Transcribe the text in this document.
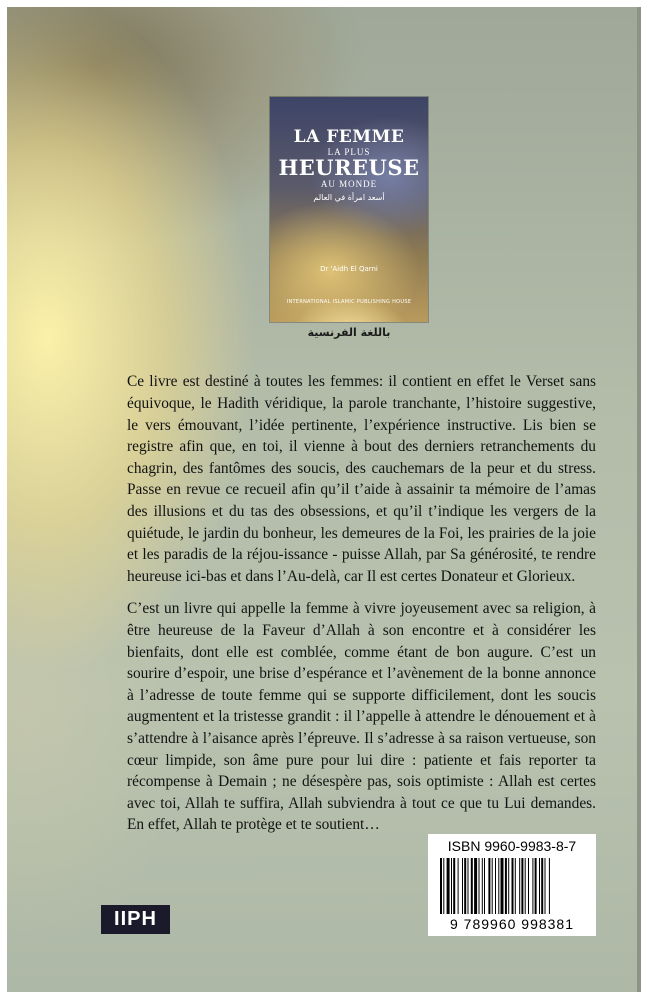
LA FEMME
LA PLUS
HEUREUSE
AU MONDE
أسعد امرأة في العالم
Dr 'Aidh El Qarni
INTERNATIONAL ISLAMIC PUBLISHING HOUSE
باللغة الفرنسية

Ce livre est destiné à toutes les femmes: il contient en effet le Verset sans équivoque, le Hadith véridique, la parole tranchante, l’histoire suggestive, le vers émouvant, l’idée pertinente, l’expérience instructive. Lis bien se registre afin que, en toi, il vienne à bout des derniers retranchements du chagrin, des fantômes des soucis, des cauchemars de la peur et du stress. Passe en revue ce recueil afin qu’il t’aide à assainir ta mémoire de l’amas des illusions et du tas des obsessions, et qu’il t’indique les vergers de la quiétude, le jardin du bonheur, les demeures de la Foi, les prairies de la joie et les paradis de la réjou-issance - puisse Allah, par Sa générosité, te rendre heureuse ici-bas et dans l’Au-delà, car Il est certes Donateur et Glorieux.

C’est un livre qui appelle la femme à vivre joyeusement avec sa religion, à être heureuse de la Faveur d’Allah à son encontre et à considérer les bienfaits, dont elle est comblée, comme étant de bon augure. C’est un sourire d’espoir, une brise d’espérance et l’avènement de la bonne annonce à l’adresse de toute femme qui se supporte difficilement, dont les soucis augmentent et la tristesse grandit : il l’appelle à attendre le dénouement et à s’attendre à l’aisance après l’épreuve. Il s’adresse à sa raison vertueuse, son cœur limpide, son âme pure pour lui dire : patiente et fais reporter ta récompense à Demain ; ne désespère pas, sois optimiste : Allah est certes avec toi, Allah te suffira, Allah subviendra à tout ce que tu Lui demandes. En effet, Allah te protège et te soutient…

IIPH
ISBN 9960-9983-8-7
9 789960 998381
